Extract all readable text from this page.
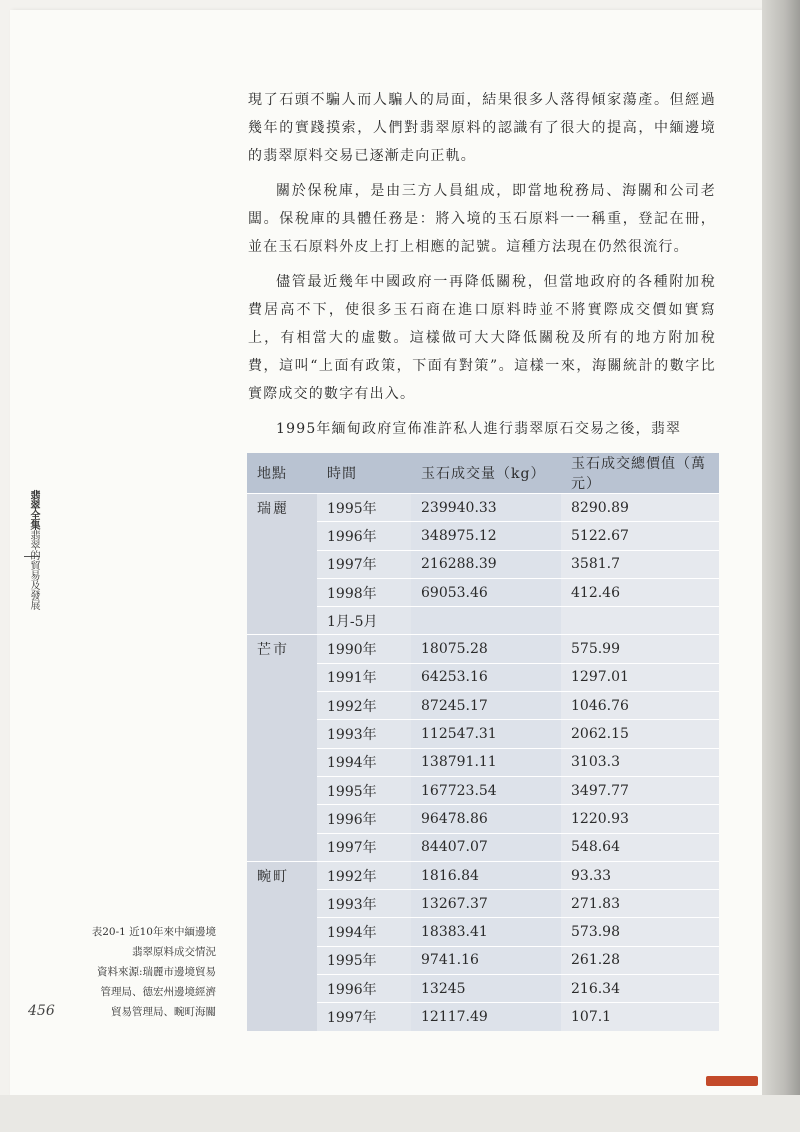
現了石頭不騙人而人騙人的局面，結果很多人落得傾家蕩產。但經過幾年的實踐摸索，人們對翡翠原料的認識有了很大的提高，中緬邊境的翡翠原料交易已逐漸走向正軌。

關於保稅庫，是由三方人員組成，即當地稅務局、海關和公司老闆。保稅庫的具體任務是：將入境的玉石原料一一稱重，登記在冊，並在玉石原料外皮上打上相應的記號。這種方法現在仍然很流行。

儘管最近幾年中國政府一再降低關稅，但當地政府的各種附加稅費居高不下，使很多玉石商在進口原料時並不將實際成交價如實寫上，有相當大的虛數。這樣做可大大降低關稅及所有的地方附加稅費，這叫“上面有政策，下面有對策”。這樣一來，海關統計的數字比實際成交的數字有出入。

1995年緬甸政府宣佈准許私人進行翡翠原石交易之後，翡翠

地點	時間	玉石成交量（kg）	玉石成交總價值（萬元）
瑞麗	1995年	239940.33	8290.89
	1996年	348975.12	5122.67
	1997年	216288.39	3581.7
	1998年	69053.46	412.46
	1月-5月		
芒市	1990年	18075.28	575.99
	1991年	64253.16	1297.01
	1992年	87245.17	1046.76
	1993年	112547.31	2062.15
	1994年	138791.11	3103.3
	1995年	167723.54	3497.77
	1996年	96478.86	1220.93
	1997年	84407.07	548.64
畹町	1992年	1816.84	93.33
	1993年	13267.37	271.83
	1994年	18383.41	573.98
	1995年	9741.16	261.28
	1996年	13245	216.34
	1997年	12117.49	107.1
翡翠全集翡翠的貿易及發展
表20-1 近10年來中緬邊境
翡翠原料成交情況
資料來源:瑞麗市邊境貿易
管理局、德宏州邊境經濟
貿易管理局、畹町海關
456
